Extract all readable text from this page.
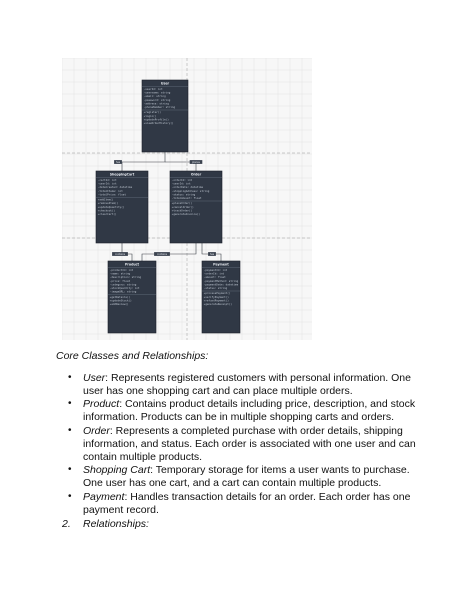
has	places
contains	contains	has
User
-userId: int
-username: string
-email: string
-password: string
-address: string
-phoneNumber: string
+register()
+login()
+updateProfile()
+viewOrderHistory()
ShoppingCart
-cartId: int
-userId: int
-dateCreated: datetime
-totalItems: int
-totalPrice: float
+addItem()
+removeItem()
+updateQuantity()
+checkout()
+clearCart()
Order
-orderId: int
-userId: int
-orderDate: datetime
-shippingAddress: string
-status: string
-totalAmount: float
+placeOrder()
+cancelOrder()
+trackOrder()
+generateInvoice()
Product
-productId: int
-name: string
-description: string
-price: float
-category: string
-stockQuantity: int
-imageURL: string
+getDetails()
+updateStock()
+addReview()
Payment
-paymentId: int
-orderId: int
-amount: float
-paymentMethod: string
-paymentDate: datetime
-status: string
+processPayment()
+verifyPayment()
+refundPayment()
+generateReceipt()

Core Classes and Relationships:

• User: Represents registered customers with personal information. One user has one shopping cart and can place multiple orders.
• Product: Contains product details including price, description, and stock information. Products can be in multiple shopping carts and orders.
• Order: Represents a completed purchase with order details, shipping information, and status. Each order is associated with one user and can contain multiple products.
• Shopping Cart: Temporary storage for items a user wants to purchase. One user has one cart, and a cart can contain multiple products.
• Payment: Handles transaction details for an order. Each order has one payment record.
2. Relationships:
